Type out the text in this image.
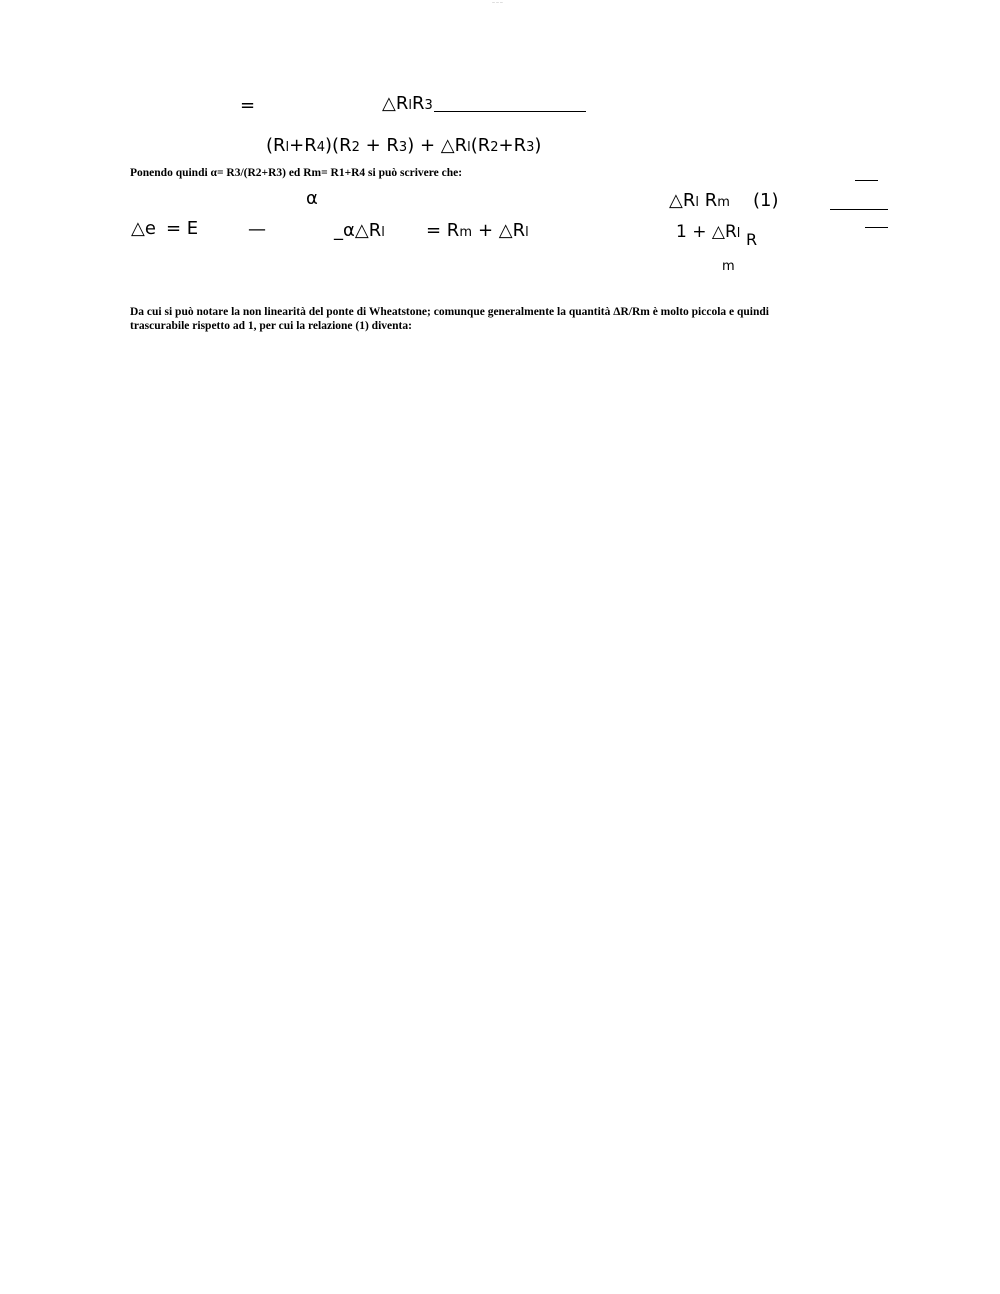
— — —
=	△RlR3
(Rl+R4)(R2 + R3) + △Rl(R2+R3)
Ponendo quindi α= R3/(R2+R3) ed Rm= R1+R4 si può scrivere che:
α
△e = E	—	_α△Rl = Rm + △Rl
△Rl Rm (1)
1 + △Rl R
m
Da cui si può notare la non linearità del ponte di Wheatstone; comunque generalmente la quantità ΔR/Rm è molto piccola e quindi
trascurabile rispetto ad 1, per cui la relazione (1) diventa:
